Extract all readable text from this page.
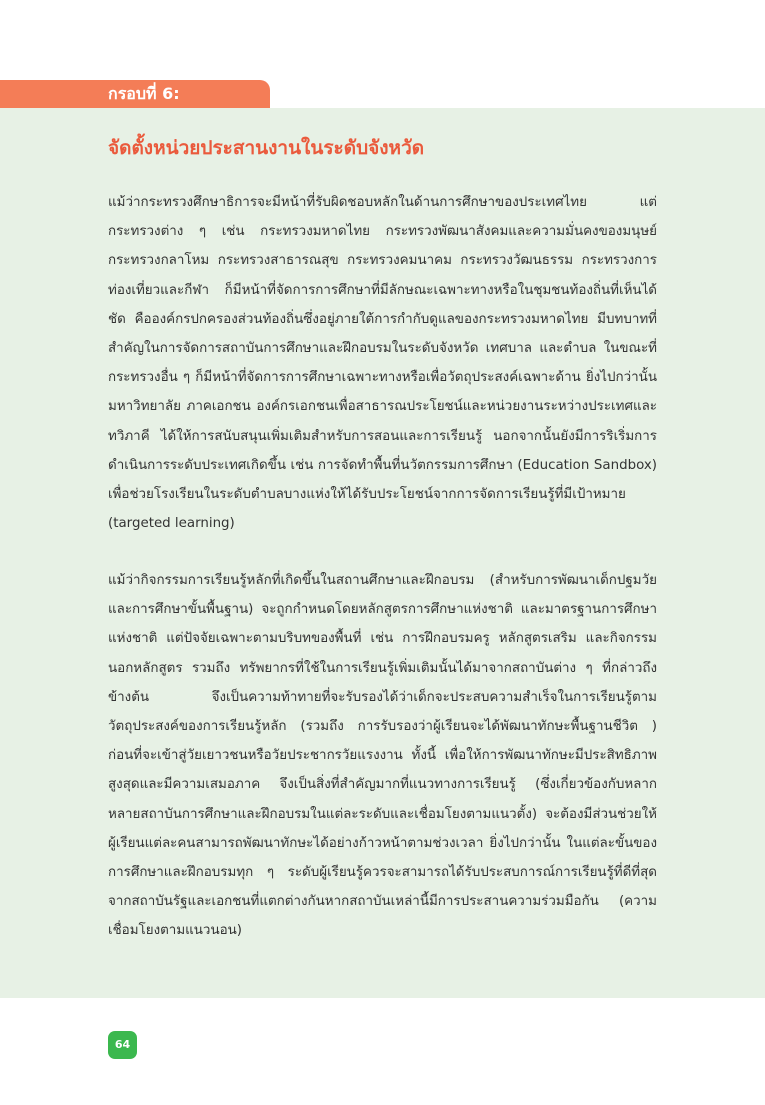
กรอบที่ 6:
จัดตั้งหน่วยประสานงานในระดับจังหวัด

แม้ว่ากระทรวงศึกษาธิการจะมีหน้าที่รับผิดชอบหลักในด้านการศึกษาของประเทศไทย แต่กระทรวงต่าง ๆ เช่น กระทรวงมหาดไทย กระทรวงพัฒนาสังคมและความมั่นคงของมนุษย์ กระทรวงกลาโหม กระทรวงสาธารณสุข กระทรวงคมนาคม กระทรวงวัฒนธรรม กระทรวงการท่องเที่ยวและกีฬา ก็มีหน้าที่จัดการการศึกษาที่มีลักษณะเฉพาะทางหรือในชุมชนท้องถิ่นที่เห็นได้ชัด คือองค์กรปกครองส่วนท้องถิ่นซึ่งอยู่ภายใต้การกำกับดูแลของกระทรวงมหาดไทย มีบทบาทที่สำคัญในการจัดการสถาบันการศึกษาและฝึกอบรมในระดับจังหวัด เทศบาล และตำบล ในขณะที่กระทรวงอื่น ๆ ก็มีหน้าที่จัดการการศึกษาเฉพาะทางหรือเพื่อวัตถุประสงค์เฉพาะด้าน ยิ่งไปกว่านั้นมหาวิทยาลัย ภาคเอกชน องค์กรเอกชนเพื่อสาธารณประโยชน์และหน่วยงานระหว่างประเทศและทวิภาคี ได้ให้การสนับสนุนเพิ่มเติมสำหรับการสอนและการเรียนรู้ นอกจากนั้นยังมีการริเริ่มการดำเนินการระดับประเทศเกิดขึ้น เช่น การจัดทำพื้นที่นวัตกรรมการศึกษา (Education Sandbox) เพื่อช่วยโรงเรียนในระดับตำบลบางแห่งให้ได้รับประโยชน์จากการจัดการเรียนรู้ที่มีเป้าหมาย (targeted learning)

แม้ว่ากิจกรรมการเรียนรู้หลักที่เกิดขึ้นในสถานศึกษาและฝึกอบรม (สำหรับการพัฒนาเด็กปฐมวัย และการศึกษาขั้นพื้นฐาน) จะถูกกำหนดโดยหลักสูตรการศึกษาแห่งชาติ และมาตรฐานการศึกษาแห่งชาติ แต่ปัจจัยเฉพาะตามบริบทของพื้นที่ เช่น การฝึกอบรมครู หลักสูตรเสริม และกิจกรรมนอกหลักสูตร รวมถึง ทรัพยากรที่ใช้ในการเรียนรู้เพิ่มเติมนั้นได้มาจากสถาบันต่าง ๆ ที่กล่าวถึงข้างต้น จึงเป็นความท้าทายที่จะรับรองได้ว่าเด็กจะประสบความสำเร็จในการเรียนรู้ตามวัตถุประสงค์ของการเรียนรู้หลัก (รวมถึง การรับรองว่าผู้เรียนจะได้พัฒนาทักษะพื้นฐานชีวิต ) ก่อนที่จะเข้าสู่วัยเยาวชนหรือวัยประชากรวัยแรงงาน ทั้งนี้ เพื่อให้การพัฒนาทักษะมีประสิทธิภาพสูงสุดและมีความเสมอภาค จึงเป็นสิ่งที่สำคัญมากที่แนวทางการเรียนรู้ (ซึ่งเกี่ยวข้องกับหลากหลายสถาบันการศึกษาและฝึกอบรมในแต่ละระดับและเชื่อมโยงตามแนวตั้ง) จะต้องมีส่วนช่วยให้ผู้เรียนแต่ละคนสามารถพัฒนาทักษะได้อย่างก้าวหน้าตามช่วงเวลา ยิ่งไปกว่านั้น ในแต่ละขั้นของการศึกษาและฝึกอบรมทุก ๆ ระดับผู้เรียนรู้ควรจะสามารถได้รับประสบการณ์การเรียนรู้ที่ดีที่สุดจากสถาบันรัฐและเอกชนที่แตกต่างกันหากสถาบันเหล่านี้มีการประสานความร่วมมือกัน (ความเชื่อมโยงตามแนวนอน)

64
